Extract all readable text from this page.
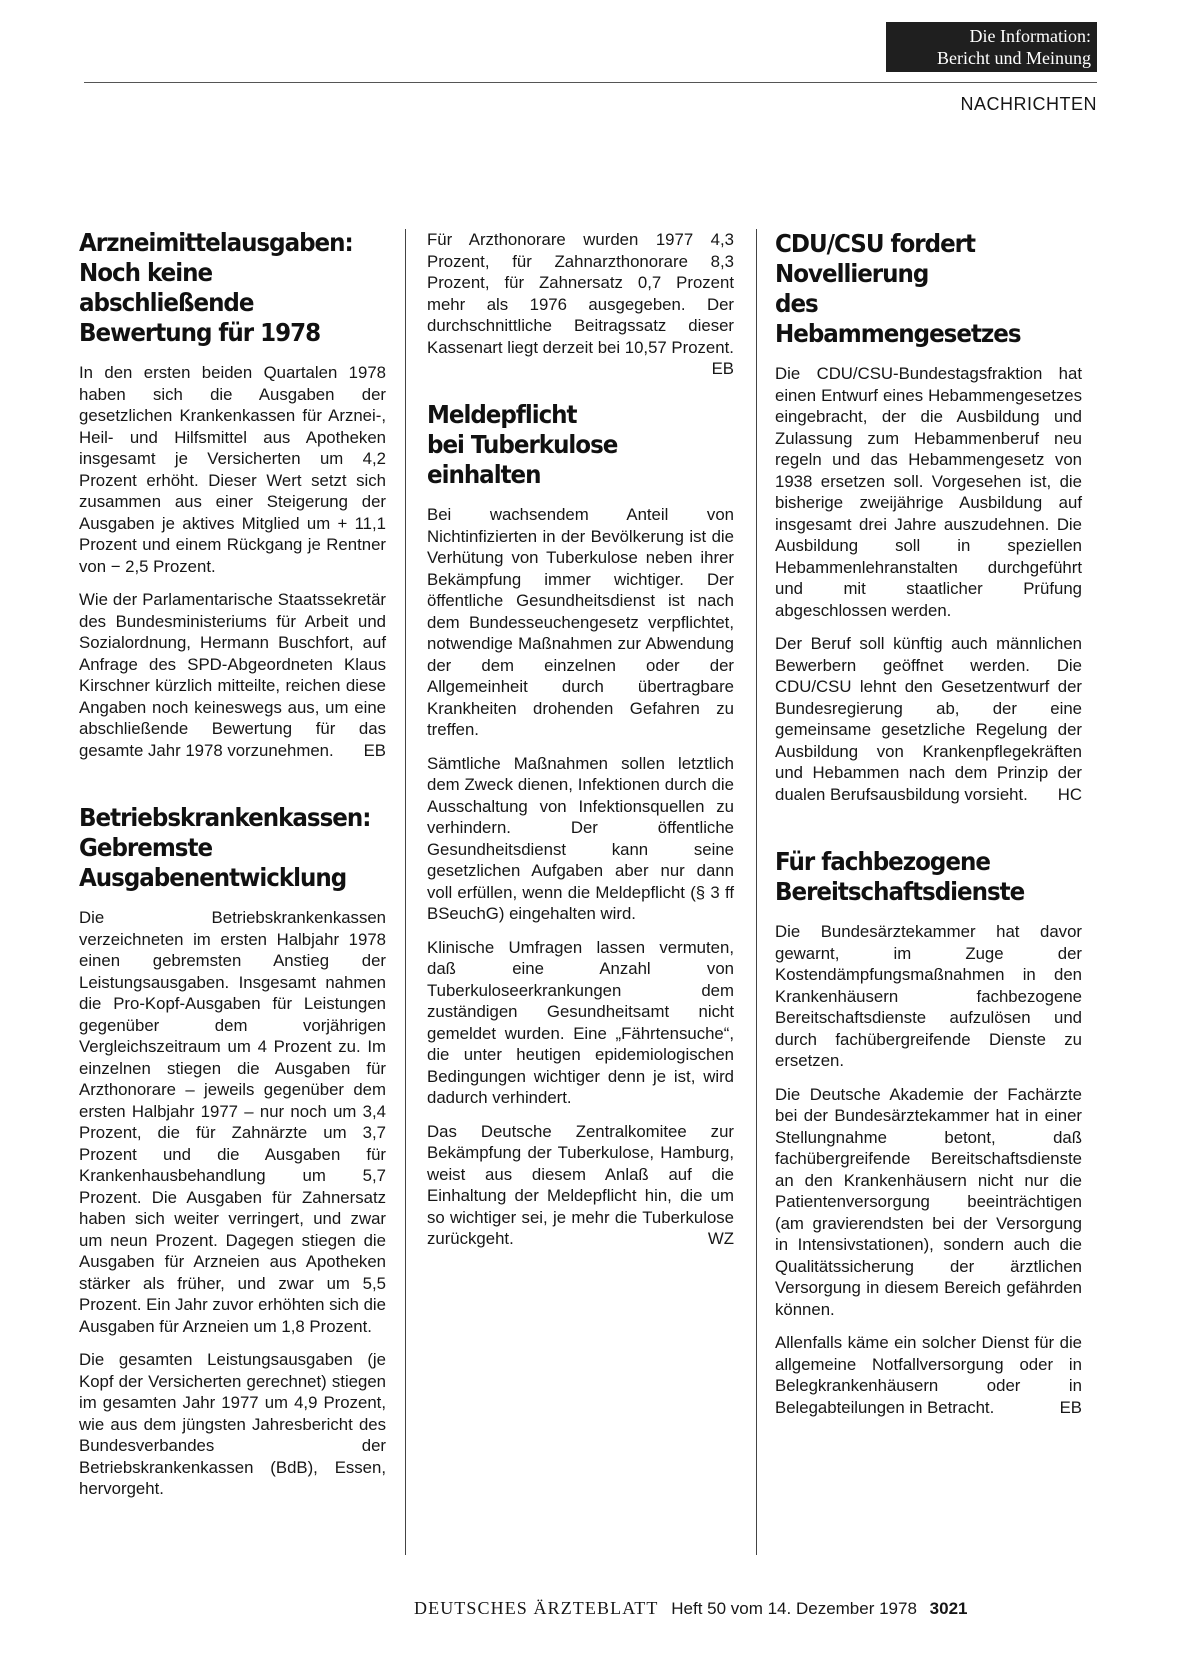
Die Information:
Bericht und Meinung
NACHRICHTEN
Arzneimittelausgaben:
Noch keine abschließende
Bewertung für 1978

In den ersten beiden Quartalen 1978 haben sich die Ausgaben der gesetzlichen Krankenkassen für Arznei-, Heil- und Hilfsmittel aus Apotheken insgesamt je Versicherten um 4,2 Prozent erhöht. Dieser Wert setzt sich zusammen aus einer Steigerung der Ausgaben je aktives Mitglied um + 11,1 Prozent und einem Rückgang je Rentner von − 2,5 Prozent.

Wie der Parlamentarische Staatssekretär des Bundesministeriums für Arbeit und Sozialordnung, Hermann Buschfort, auf Anfrage des SPD-Abgeordneten Klaus Kirschner kürzlich mitteilte, reichen diese Angaben noch keineswegs aus, um eine abschließende Bewertung für das gesamte Jahr 1978 vorzunehmen. EB

Betriebskrankenkassen:
Gebremste
Ausgabenentwicklung

Die Betriebskrankenkassen verzeichneten im ersten Halbjahr 1978 einen gebremsten Anstieg der Leistungsausgaben. Insgesamt nahmen die Pro-Kopf-Ausgaben für Leistungen gegenüber dem vorjährigen Vergleichszeitraum um 4 Prozent zu. Im einzelnen stiegen die Ausgaben für Arzthonorare – jeweils gegenüber dem ersten Halbjahr 1977 – nur noch um 3,4 Prozent, die für Zahnärzte um 3,7 Prozent und die Ausgaben für Krankenhausbehandlung um 5,7 Prozent. Die Ausgaben für Zahnersatz haben sich weiter verringert, und zwar um neun Prozent. Dagegen stiegen die Ausgaben für Arzneien aus Apotheken stärker als früher, und zwar um 5,5 Prozent. Ein Jahr zuvor erhöhten sich die Ausgaben für Arzneien um 1,8 Prozent.

Die gesamten Leistungsausgaben (je Kopf der Versicherten gerechnet) stiegen im gesamten Jahr 1977 um 4,9 Prozent, wie aus dem jüngsten Jahresbericht des Bundesverbandes der Betriebskrankenkassen (BdB), Essen, hervorgeht.

Für Arzthonorare wurden 1977 4,3 Prozent, für Zahnarzthonorare 8,3 Prozent, für Zahnersatz 0,7 Prozent mehr als 1976 ausgegeben. Der durchschnittliche Beitragssatz dieser Kassenart liegt derzeit bei 10,57 Prozent.
EB

Meldepflicht
bei Tuberkulose einhalten

Bei wachsendem Anteil von Nichtinfizierten in der Bevölkerung ist die Verhütung von Tuberkulose neben ihrer Bekämpfung immer wichtiger. Der öffentliche Gesundheitsdienst ist nach dem Bundesseuchengesetz verpflichtet, notwendige Maßnahmen zur Abwendung der dem einzelnen oder der Allgemeinheit durch übertragbare Krankheiten drohenden Gefahren zu treffen.

Sämtliche Maßnahmen sollen letztlich dem Zweck dienen, Infektionen durch die Ausschaltung von Infektionsquellen zu verhindern. Der öffentliche Gesundheitsdienst kann seine gesetzlichen Aufgaben aber nur dann voll erfüllen, wenn die Meldepflicht (§ 3 ff BSeuchG) eingehalten wird.

Klinische Umfragen lassen vermuten, daß eine Anzahl von Tuberkuloseerkrankungen dem zuständigen Gesundheitsamt nicht gemeldet wurden. Eine „Fährtensuche“, die unter heutigen epidemiologischen Bedingungen wichtiger denn je ist, wird dadurch verhindert.

Das Deutsche Zentralkomitee zur Bekämpfung der Tuberkulose, Hamburg, weist aus diesem Anlaß auf die Einhaltung der Meldepflicht hin, die um so wichtiger sei, je mehr die Tuberkulose zurückgeht.	WZ

CDU/CSU fordert
Novellierung
des Hebammengesetzes

Die CDU/CSU-Bundestagsfraktion hat einen Entwurf eines Hebammengesetzes eingebracht, der die Ausbildung und Zulassung zum Hebammenberuf neu regeln und das Hebammengesetz von 1938 ersetzen soll. Vorgesehen ist, die bisherige zweijährige Ausbildung auf insgesamt drei Jahre auszudehnen. Die Ausbildung soll in speziellen Hebammenlehranstalten durchgeführt und mit staatlicher Prüfung abgeschlossen werden.

Der Beruf soll künftig auch männlichen Bewerbern geöffnet werden. Die CDU/CSU lehnt den Gesetzentwurf der Bundesregierung ab, der eine gemeinsame gesetzliche Regelung der Ausbildung von Krankenpflegekräften und Hebammen nach dem Prinzip der dualen Berufsausbildung vorsieht. HC

Für fachbezogene
Bereitschaftsdienste

Die Bundesärztekammer hat davor gewarnt, im Zuge der Kostendämpfungsmaßnahmen in den Krankenhäusern fachbezogene Bereitschaftsdienste aufzulösen und durch fachübergreifende Dienste zu ersetzen.

Die Deutsche Akademie der Fachärzte bei der Bundesärztekammer hat in einer Stellungnahme betont, daß fachübergreifende Bereitschaftsdienste an den Krankenhäusern nicht nur die Patientenversorgung beeinträchtigen (am gravierendsten bei der Versorgung in Intensivstationen), sondern auch die Qualitätssicherung der ärztlichen Versorgung in diesem Bereich gefährden können.

Allenfalls käme ein solcher Dienst für die allgemeine Notfallversorgung oder in Belegkrankenhäusern oder in Belegabteilungen in Betracht.	EB

DEUTSCHES ÄRZTEBLATT Heft 50 vom 14. Dezember 1978 3021
